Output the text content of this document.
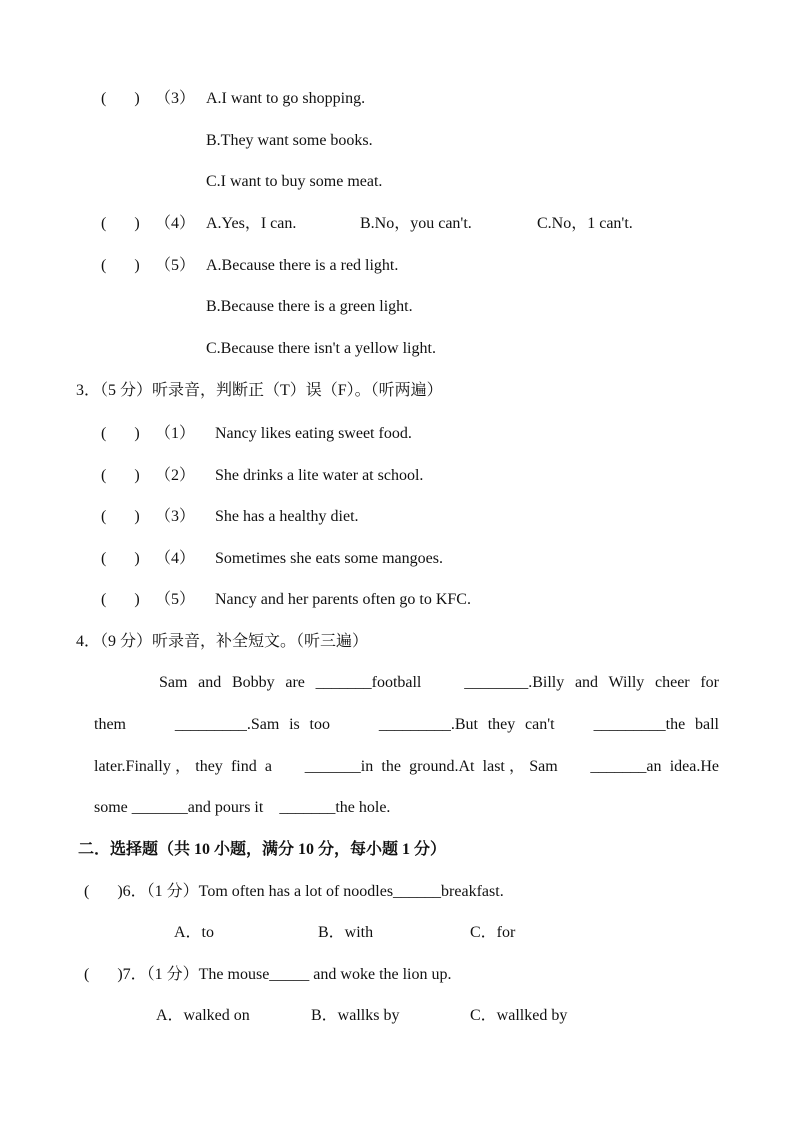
(       ) （3） A.I want to go shopping.
B.They want some books.
C.I want to buy some meat.
(       ) （4） A.Yes，I can.	B.No，you can't.	C.No，1 can't.
(       ) （5） A.Because there is a red light.
B.Because there is a green light.
C.Because there isn't a yellow light.
3．（5 分）听录音，判断正（T）误（F）。（听两遍）
(       ) （1） Nancy likes eating sweet food.
(       ) （2） She drinks a lite water at school.
(       ) （3） She has a healthy diet.
(       ) （4） Sometimes she eats some mangoes.
(       ) （5） Nancy and her parents often go to KFC.
4．（9 分）听录音，补全短文。（听三遍）
Sam and Bobby are _______football    ________.Billy and Willy cheer for
them     _________.Sam is too     _________.But they can't    _________the ball
later.Finally，they find a    _______in the ground.At last，Sam    _______an idea.He
some _______and pours it    _______the hole.
二．选择题（共 10 小题，满分 10 分，每小题 1 分）
(       )6．（1 分）Tom often has a lot of noodles______breakfast.
A．to	B．with	C．for
(       )7．（1 分）The mouse_____ and woke the lion up.
A．walked on	B．wallks by	C．wallked by
